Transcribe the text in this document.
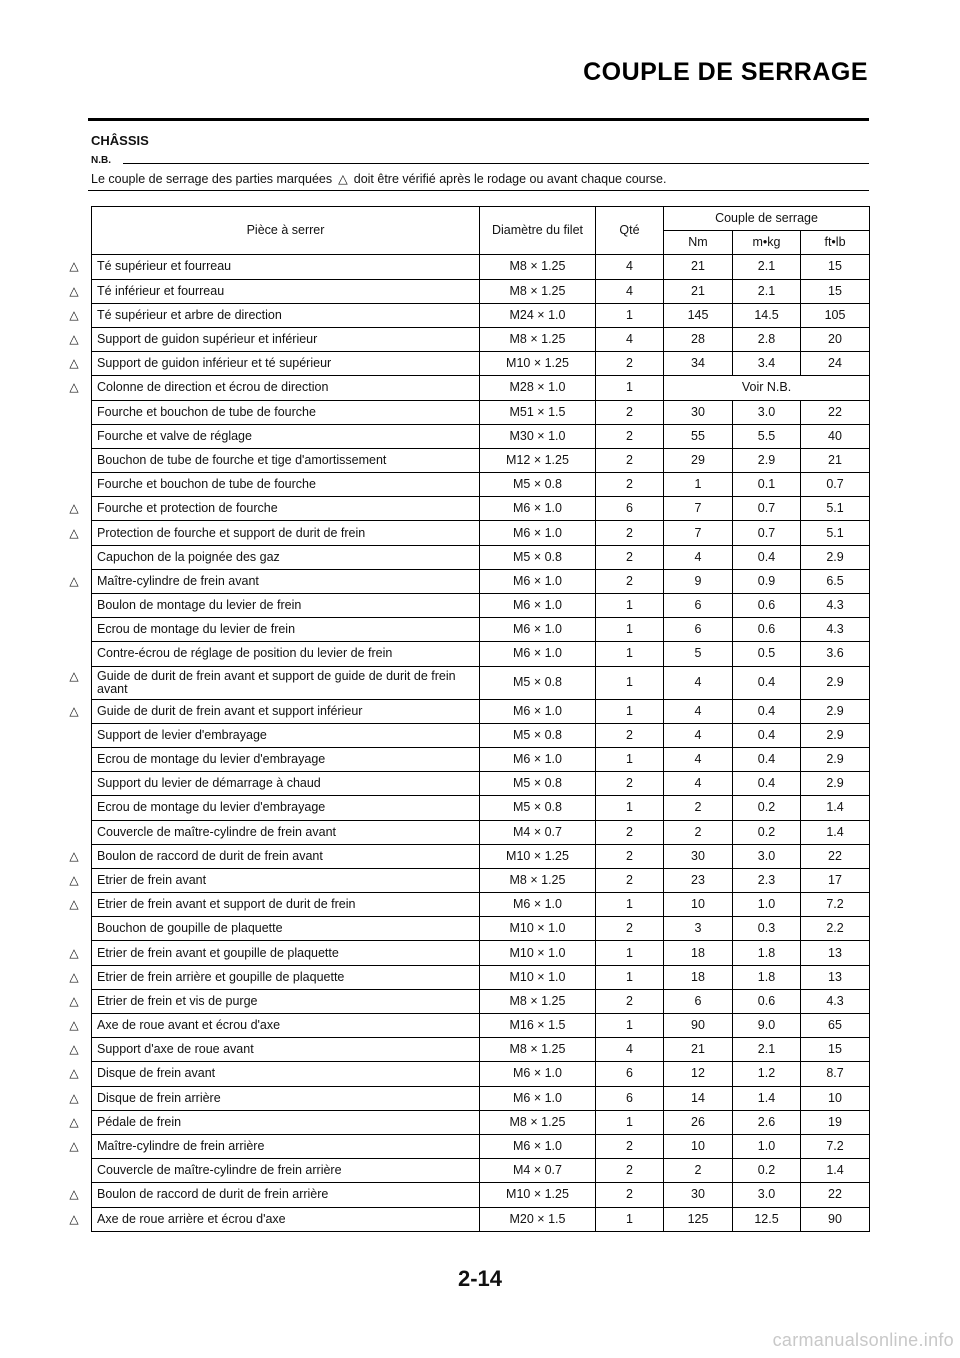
COUPLE DE SERRAGE
CHÂSSIS
N.B.
Le couple de serrage des parties marquées △ doit être vérifié après le rodage ou avant chaque course.
Pièce à serrer	Diamètre du filet	Qté	Couple de serrage		
			Nm	m•kg	ft•lb

△ Té supérieur et fourreau	M8 × 1.25	4	21	2.1	15

△ Té inférieur et fourreau	M8 × 1.25	4	21	2.1	15

△ Té supérieur et arbre de direction	M24 × 1.0	1	145	14.5	105

△ Support de guidon supérieur et inférieur	M8 × 1.25	4	28	2.8	20

△ Support de guidon inférieur et té supérieur	M10 × 1.25	2	34	3.4	24

△ Colonne de direction et écrou de direction	M28 × 1.0	1	Voir N.B.		

Fourche et bouchon de tube de fourche	M51 × 1.5	2	30	3.0	22

Fourche et valve de réglage	M30 × 1.0	2	55	5.5	40

Bouchon de tube de fourche et tige d'amortissement	M12 × 1.25	2	29	2.9	21

Fourche et bouchon de tube de fourche	M5 × 0.8	2	1	0.1	0.7

△ Fourche et protection de fourche	M6 × 1.0	6	7	0.7	5.1

△ Protection de fourche et support de durit de frein	M6 × 1.0	2	7	0.7	5.1

Capuchon de la poignée des gaz	M5 × 0.8	2	4	0.4	2.9

△ Maître-cylindre de frein avant	M6 × 1.0	2	9	0.9	6.5

Boulon de montage du levier de frein	M6 × 1.0	1	6	0.6	4.3

Ecrou de montage du levier de frein	M6 × 1.0	1	6	0.6	4.3

Contre-écrou de réglage de position du levier de frein	M6 × 1.0	1	5	0.5	3.6

△ Guide de durit de frein avant et support de guide de durit de frein avant	M5 × 0.8	1	4	0.4	2.9

△ Guide de durit de frein avant et support inférieur	M6 × 1.0	1	4	0.4	2.9

Support de levier d'embrayage	M5 × 0.8	2	4	0.4	2.9

Ecrou de montage du levier d'embrayage	M6 × 1.0	1	4	0.4	2.9

Support du levier de démarrage à chaud	M5 × 0.8	2	4	0.4	2.9

Ecrou de montage du levier d'embrayage	M5 × 0.8	1	2	0.2	1.4

Couvercle de maître-cylindre de frein avant	M4 × 0.7	2	2	0.2	1.4

△ Boulon de raccord de durit de frein avant	M10 × 1.25	2	30	3.0	22

△ Etrier de frein avant	M8 × 1.25	2	23	2.3	17

△ Etrier de frein avant et support de durit de frein	M6 × 1.0	1	10	1.0	7.2

Bouchon de goupille de plaquette	M10 × 1.0	2	3	0.3	2.2

△ Etrier de frein avant et goupille de plaquette	M10 × 1.0	1	18	1.8	13

△ Etrier de frein arrière et goupille de plaquette	M10 × 1.0	1	18	1.8	13

△ Etrier de frein et vis de purge	M8 × 1.25	2	6	0.6	4.3

△ Axe de roue avant et écrou d'axe	M16 × 1.5	1	90	9.0	65

△ Support d'axe de roue avant	M8 × 1.25	4	21	2.1	15

△ Disque de frein avant	M6 × 1.0	6	12	1.2	8.7

△ Disque de frein arrière	M6 × 1.0	6	14	1.4	10

△ Pédale de frein	M8 × 1.25	1	26	2.6	19

△ Maître-cylindre de frein arrière	M6 × 1.0	2	10	1.0	7.2

Couvercle de maître-cylindre de frein arrière	M4 × 0.7	2	2	0.2	1.4

△ Boulon de raccord de durit de frein arrière	M10 × 1.25	2	30	3.0	22

△ Axe de roue arrière et écrou d'axe	M20 × 1.5	1	125	12.5	90
2-14
carmanualsonline.info
